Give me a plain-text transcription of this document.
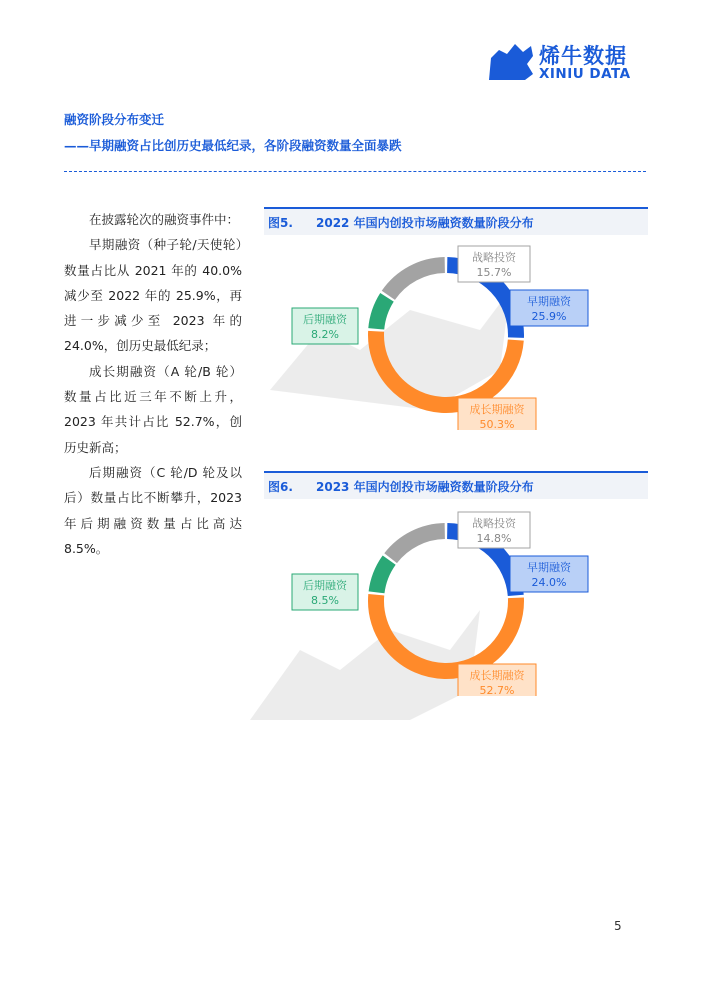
烯牛数据
XINIU DATA
融资阶段分布变迁
——早期融资占比创历史最低纪录，各阶段融资数量全面暴跌

在披露轮次的融资事件中：

早期融资（种子轮/天使轮）数量占比从 2021 年的 40.0%减少至 2022 年的 25.9%，再进一步减少至 2023 年的 24.0%，创历史最低纪录；

成长期融资（A 轮/B 轮）数量占比近三年不断上升，2023 年共计占比 52.7%，创历史新高；

后期融资（C 轮/D 轮及以后）数量占比不断攀升，2023 年后期融资数量占比高达 8.5%。

图5. 2022 年国内创投市场融资数量阶段分布
早期融资
25.9%
成长期融资
50.3%
后期融资
8.2%
战略投资
15.7%
图6. 2023 年国内创投市场融资数量阶段分布
早期融资
24.0%
成长期融资
52.7%
后期融资
8.5%
战略投资
14.8%
5
